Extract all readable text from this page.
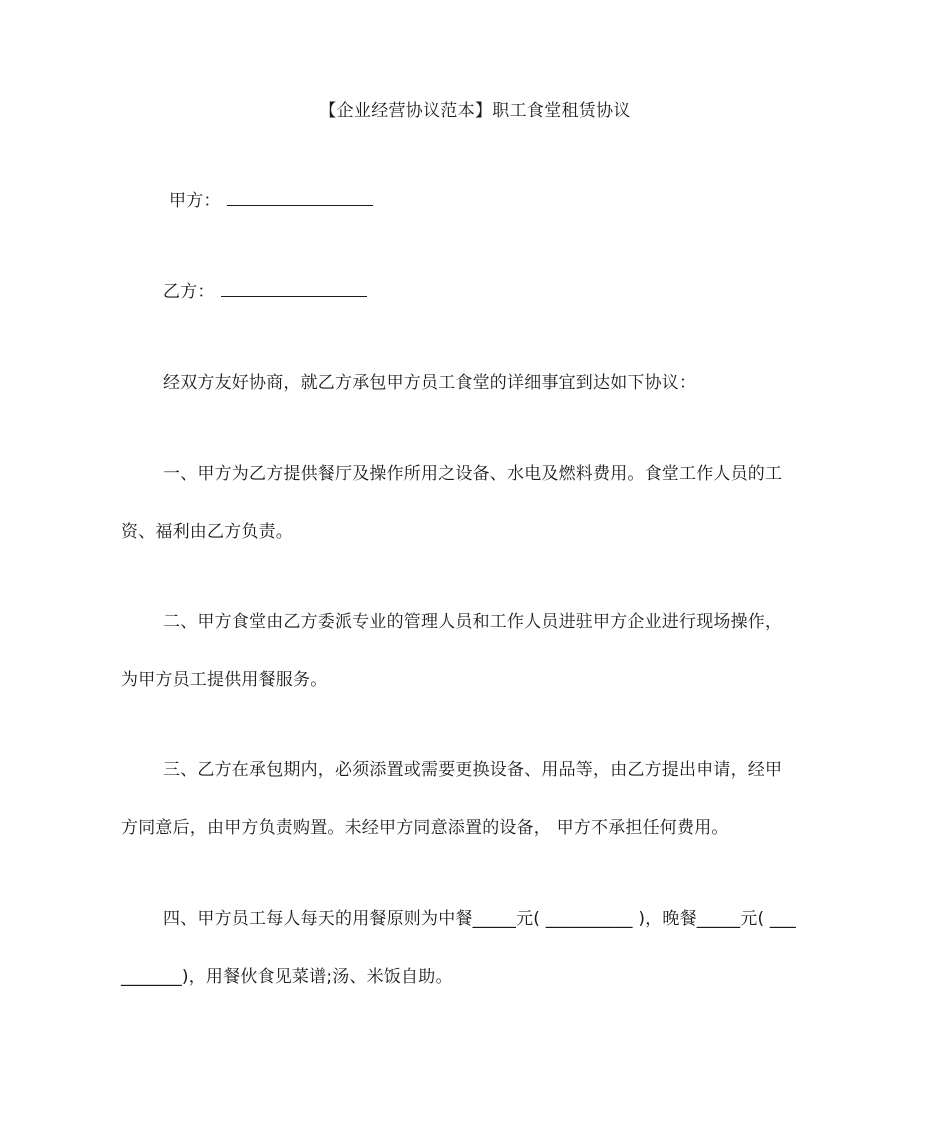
【企业经营协议范本】职工食堂租赁协议
甲方：
乙方：
经双方友好协商，就乙方承包甲方员工食堂的详细事宜到达如下协议：
一、甲方为乙方提供餐厅及操作所用之设备、水电及燃料费用。食堂工作人员的工
资、福利由乙方负责。
二、甲方食堂由乙方委派专业的管理人员和工作人员进驻甲方企业进行现场操作，
为甲方员工提供用餐服务。
三、乙方在承包期内，必须添置或需要更换设备、用品等，由乙方提出申请，经甲
方同意后，由甲方负责购置。未经甲方同意添置的设备， 甲方不承担任何费用。
四、甲方员工每人每天的用餐原则为中餐_____元( __________ )，晚餐_____元( ___
_______)，用餐伙食见菜谱;汤、米饭自助。
